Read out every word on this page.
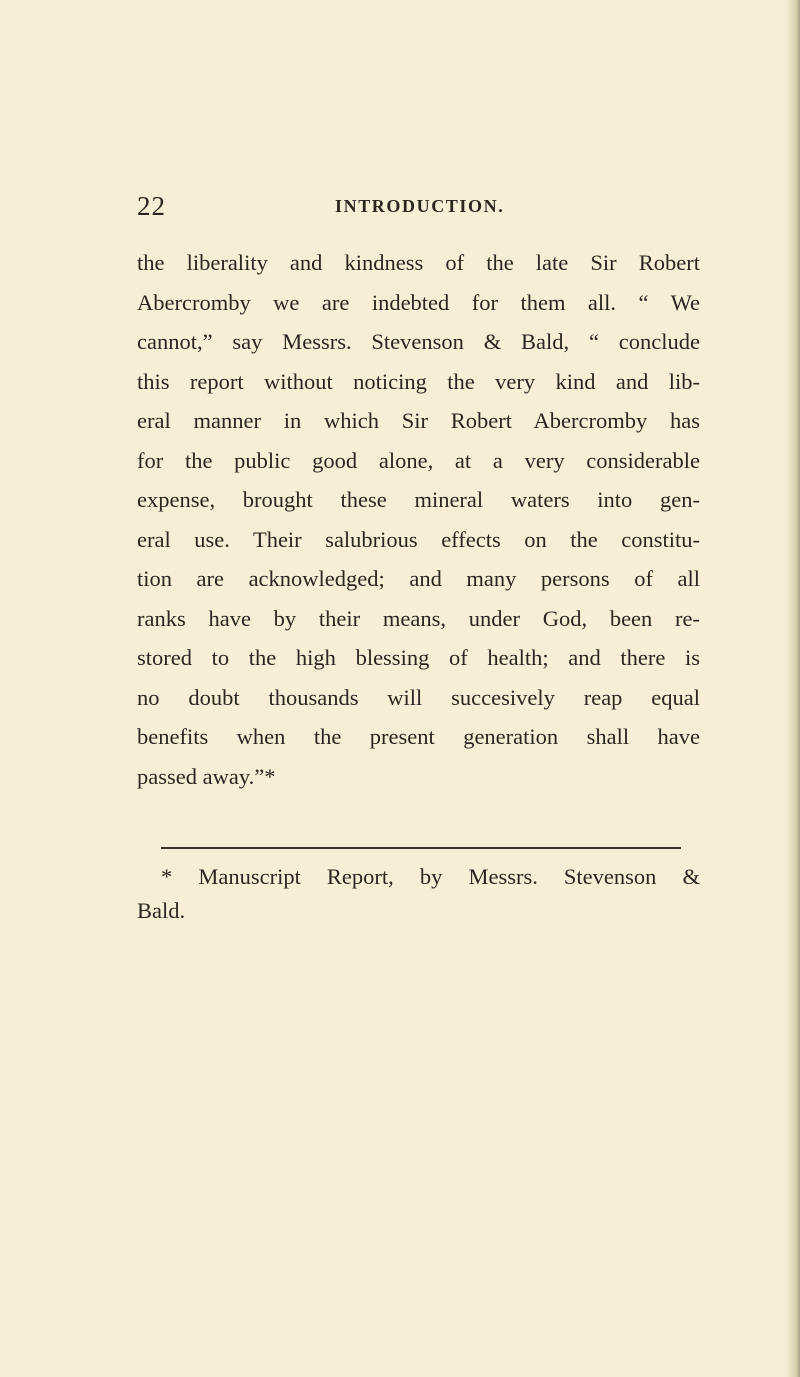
22	INTRODUCTION.
the liberality and kindness of the late Sir Robert
Abercromby we are indebted for them all. “ We
cannot,” say Messrs. Stevenson & Bald, “ conclude
this report without noticing the very kind and lib-
eral manner in which Sir Robert Abercromby has
for the public good alone, at a very considerable
expense, brought these mineral waters into gen-
eral use. Their salubrious effects on the constitu-
tion are acknowledged; and many persons of all
ranks have by their means, under God, been re-
stored to the high blessing of health; and there is
no doubt thousands will succesively reap equal
benefits when the present generation shall have
passed away.”*
* Manuscript Report, by Messrs. Stevenson &
Bald.
